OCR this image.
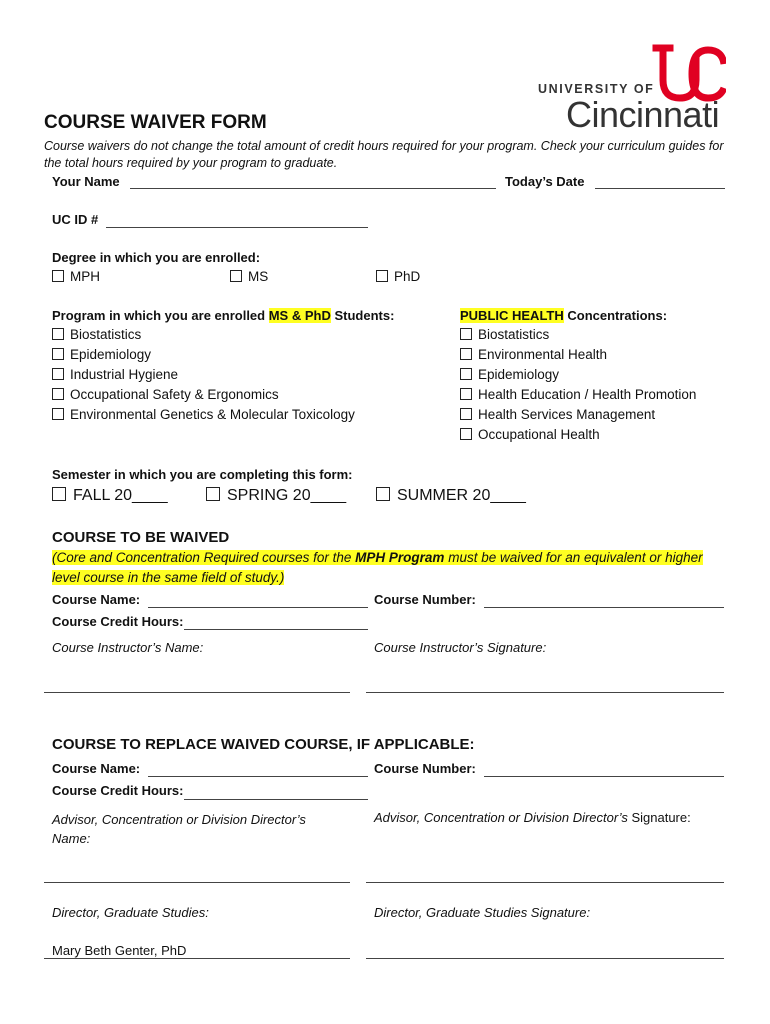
UNIVERSITY OF
Cincinnati
COURSE WAIVER FORM
Course waivers do not change the total amount of credit hours required for your program. Check your curriculum guides for the total hours required by your program to graduate.
Your Name	Today’s Date
UC ID #
Degree in which you are enrolled:
MPH	MS	PhD
Program in which you are enrolled MS & PhD Students:
Biostatistics
Epidemiology
Industrial Hygiene
Occupational Safety & Ergonomics
Environmental Genetics & Molecular Toxicology
PUBLIC HEALTH Concentrations:
Biostatistics
Environmental Health
Epidemiology
Health Education / Health Promotion
Health Services Management
Occupational Health
Semester in which you are completing this form:
FALL 20____	SPRING 20____	SUMMER 20____
COURSE TO BE WAIVED
(Core and Concentration Required courses for the MPH Program must be waived for an equivalent or higher level course in the same field of study.)
Course Name:	Course Number:
Course Credit Hours:
Course Instructor’s Name:	Course Instructor’s Signature:
COURSE TO REPLACE WAIVED COURSE, IF APPLICABLE:
Course Name:	Course Number:
Course Credit Hours:
Advisor, Concentration or Division Director’s Name:
Advisor, Concentration or Division Director’s Signature:
Director, Graduate Studies:	Director, Graduate Studies Signature:
Mary Beth Genter, PhD
